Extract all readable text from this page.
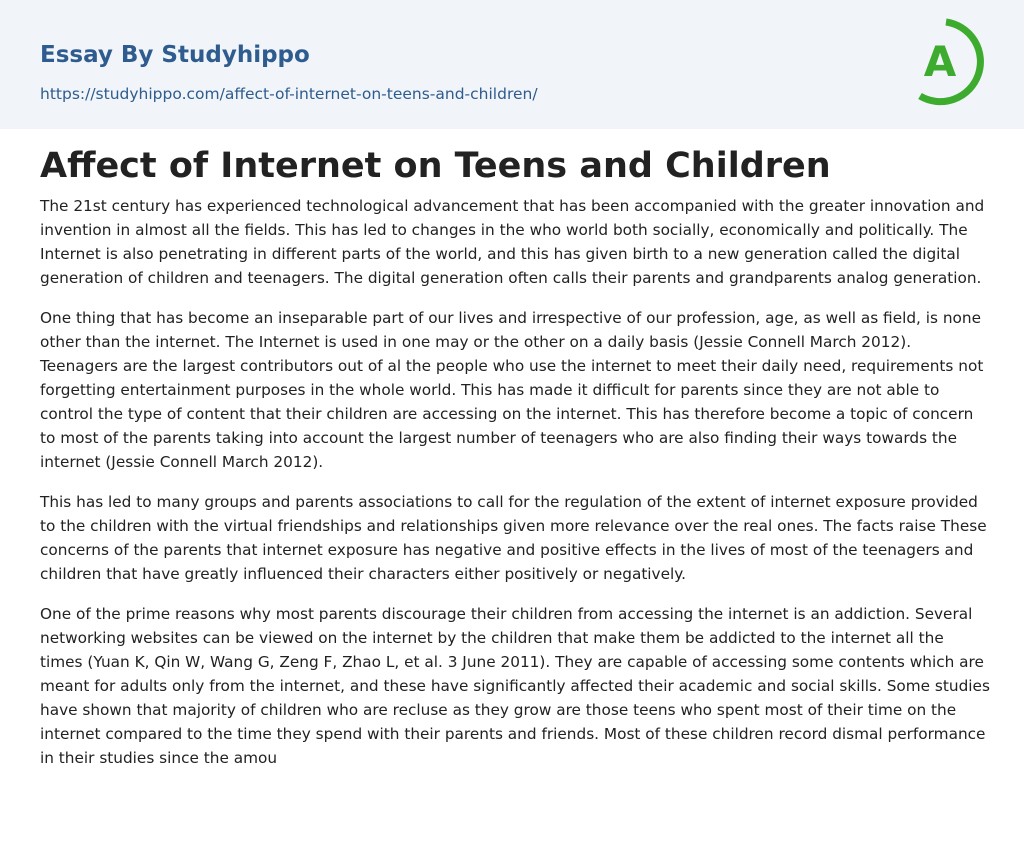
Essay By Studyhippo
https://studyhippo.com/affect-of-internet-on-teens-and-children/
A
Affect of Internet on Teens and Children

The 21st century has experienced technological advancement that has been accompanied with the greater innovation and invention in almost all the fields. This has led to changes in the who world both socially, economically and politically. The Internet is also penetrating in different parts of the world, and this has given birth to a new generation called the digital generation of children and teenagers. The digital generation often calls their parents and grandparents analog generation.

One thing that has become an inseparable part of our lives and irrespective of our profession, age, as well as field, is none other than the internet. The Internet is used in one may or the other on a daily basis (Jessie Connell March 2012). Teenagers are the largest contributors out of al the people who use the internet to meet their daily need, requirements not forgetting entertainment purposes in the whole world. This has made it difficult for parents since they are not able to control the type of content that their children are accessing on the internet. This has therefore become a topic of concern to most of the parents taking into account the largest number of teenagers who are also finding their ways towards the internet (Jessie Connell March 2012).

This has led to many groups and parents associations to call for the regulation of the extent of internet exposure provided to the children with the virtual friendships and relationships given more relevance over the real ones. The facts raise These concerns of the parents that internet exposure has negative and positive effects in the lives of most of the teenagers and children that have greatly influenced their characters either positively or negatively.

One of the prime reasons why most parents discourage their children from accessing the internet is an addiction. Several networking websites can be viewed on the internet by the children that make them be addicted to the internet all the times (Yuan K, Qin W, Wang G, Zeng F, Zhao L, et al. 3 June 2011). They are capable of accessing some contents which are meant for adults only from the internet, and these have significantly affected their academic and social skills. Some studies have shown that majority of children who are recluse as they grow are those teens who spent most of their time on the internet compared to the time they spend with their parents and friends. Most of these children record dismal performance in their studies since the amou
